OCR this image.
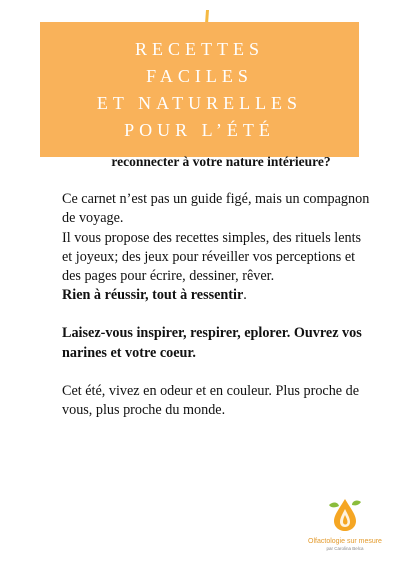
RECETTES
FACILES
ET NATURELLES
POUR L’ÉTÉ

reconnecter à votre nature intérieure?

Ce carnet n’est pas un guide figé, mais un compagnon de voyage.

Il vous propose des recettes simples, des rituels lents et joyeux; des jeux pour réveiller vos perceptions et des pages pour écrire, dessiner, rêver.

Rien à réussir, tout à ressentir.

Laisez-vous inspirer, respirer, eplorer. Ouvrez vos narines et votre coeur.

Cet été, vivez en odeur et en couleur. Plus proche de vous, plus proche du monde.

Olfactologie sur mesure
par Carolina Belca
